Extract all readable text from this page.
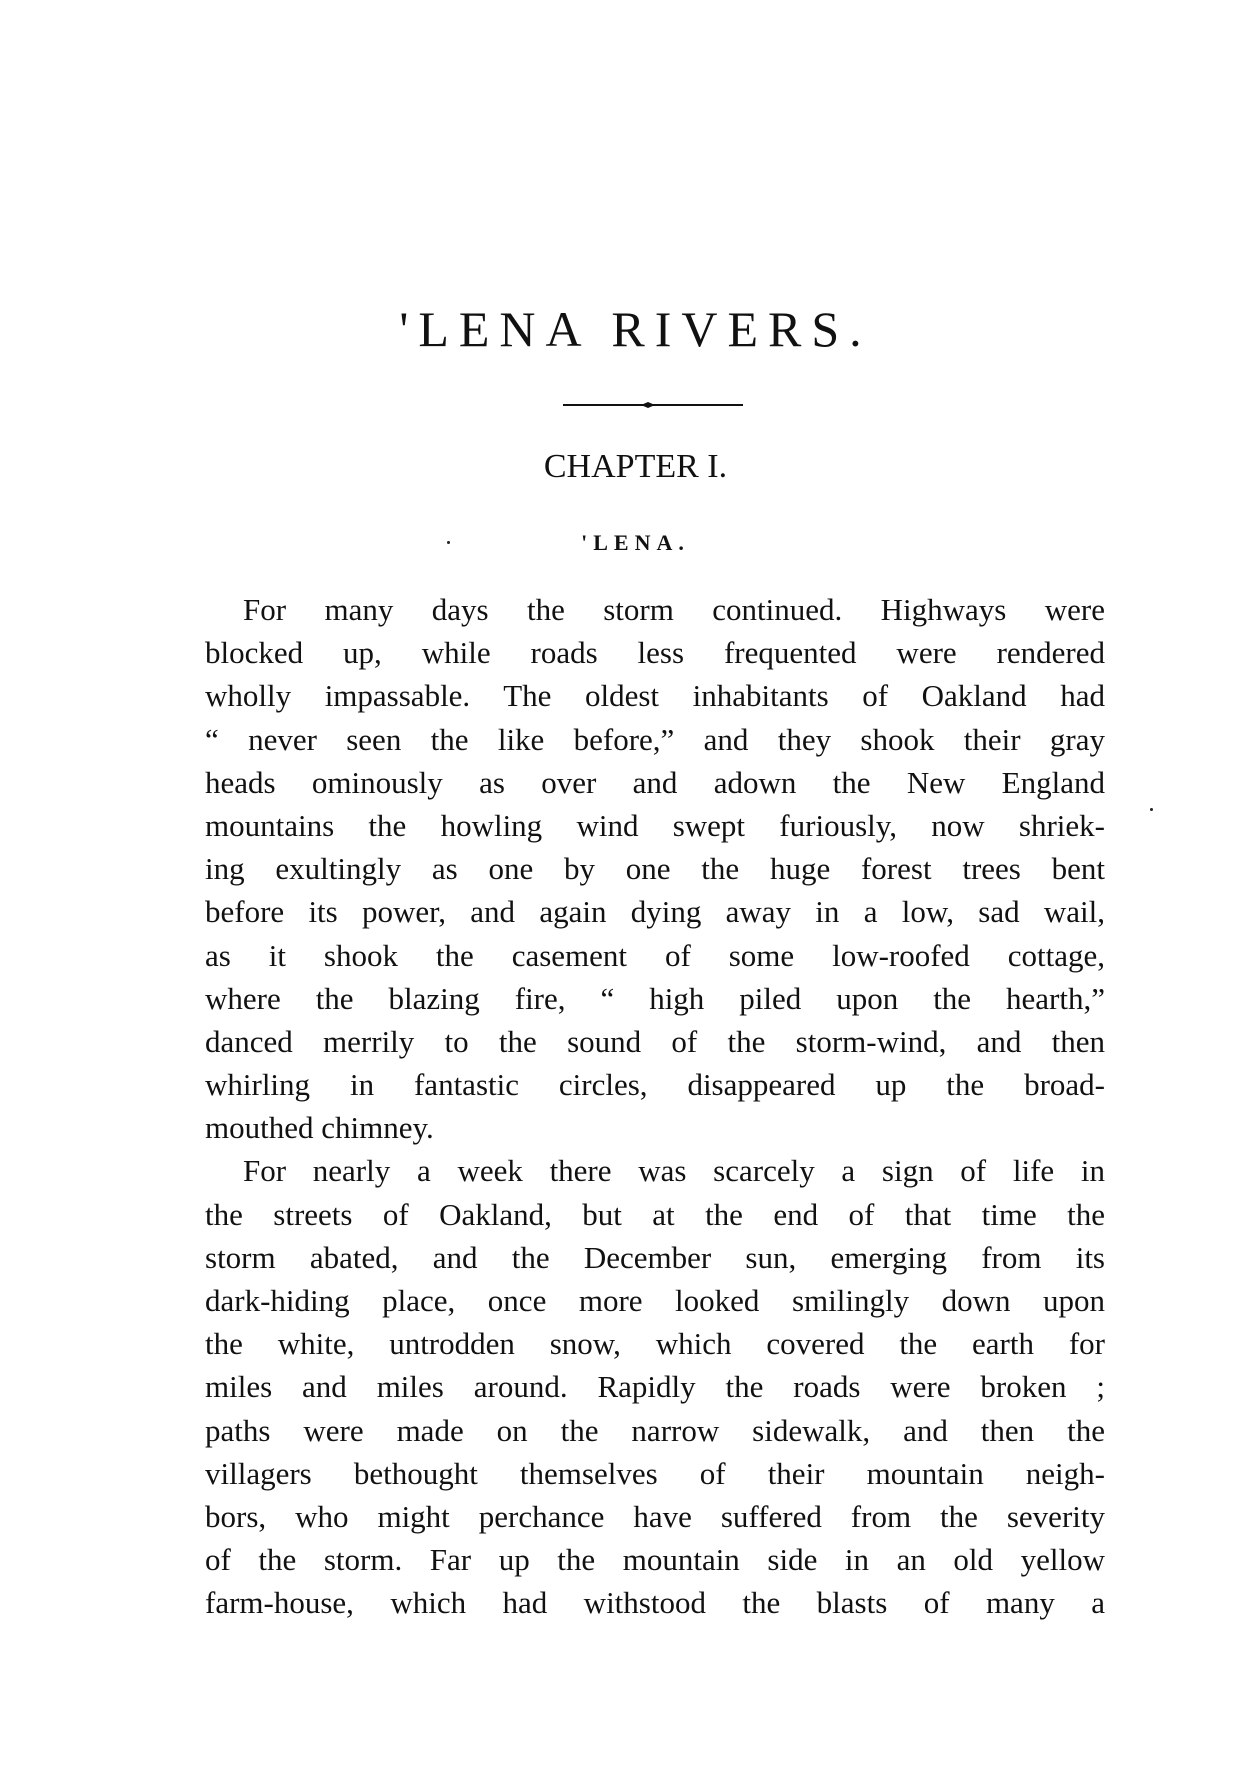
'LENA RIVERS.
CHAPTER I.
'LENA.
For many days the storm continued. Highways were
blocked up, while roads less frequented were rendered
wholly impassable. The oldest inhabitants of Oakland had
“ never seen the like before,” and they shook their gray
heads ominously as over and adown the New England
mountains the howling wind swept furiously, now shriek-
ing exultingly as one by one the huge forest trees bent
before its power, and again dying away in a low, sad wail,
as it shook the casement of some low-roofed cottage,
where the blazing fire, “ high piled upon the hearth,”
danced merrily to the sound of the storm-wind, and then
whirling in fantastic circles, disappeared up the broad-
mouthed chimney.
For nearly a week there was scarcely a sign of life in
the streets of Oakland, but at the end of that time the
storm abated, and the December sun, emerging from its
dark-hiding place, once more looked smilingly down upon
the white, untrodden snow, which covered the earth for
miles and miles around. Rapidly the roads were broken ;
paths were made on the narrow sidewalk, and then the
villagers bethought themselves of their mountain neigh-
bors, who might perchance have suffered from the severity
of the storm. Far up the mountain side in an old yellow
farm-house, which had withstood the blasts of many a
